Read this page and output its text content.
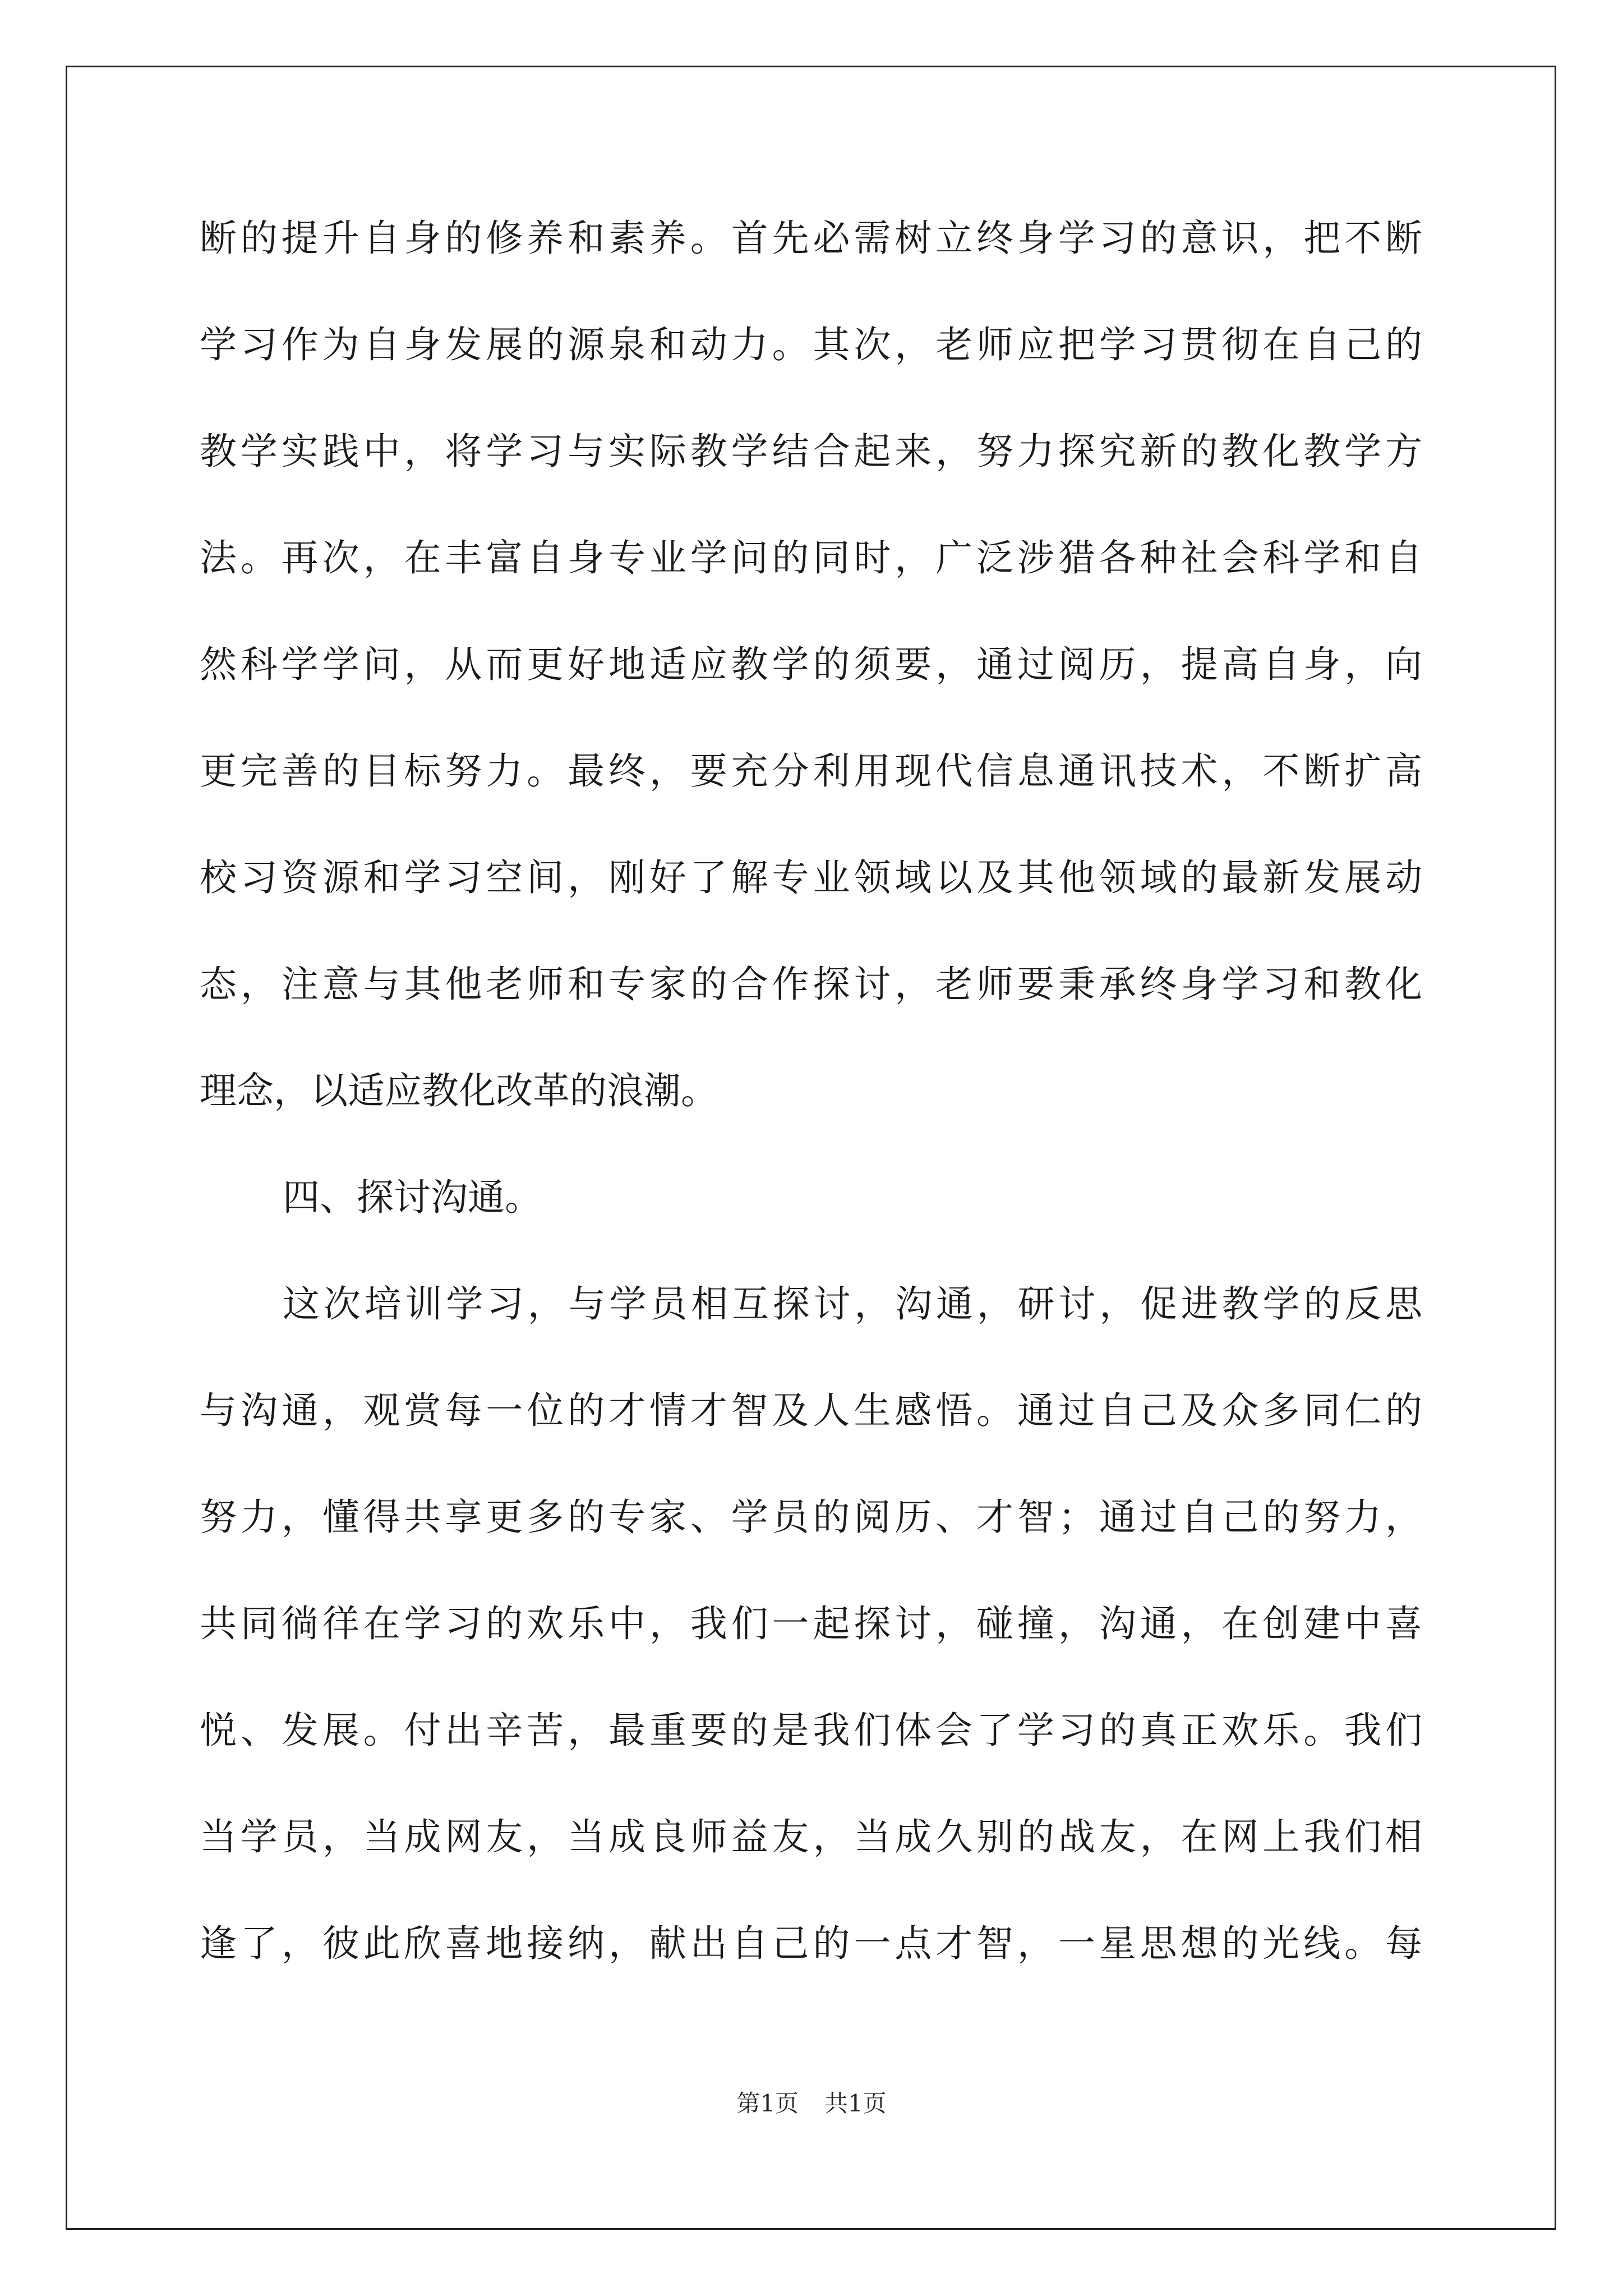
断的提升自身的修养和素养。首先必需树立终身学习的意识，把不断
学习作为自身发展的源泉和动力。其次，老师应把学习贯彻在自己的
教学实践中，将学习与实际教学结合起来，努力探究新的教化教学方
法。再次，在丰富自身专业学问的同时，广泛涉猎各种社会科学和自
然科学学问，从而更好地适应教学的须要，通过阅历，提高自身，向
更完善的目标努力。最终，要充分利用现代信息通讯技术，不断扩高
校习资源和学习空间，刚好了解专业领域以及其他领域的最新发展动
态，注意与其他老师和专家的合作探讨，老师要秉承终身学习和教化
理念，以适应教化改革的浪潮。
四、探讨沟通。
这次培训学习，与学员相互探讨，沟通，研讨，促进教学的反思
与沟通，观赏每一位的才情才智及人生感悟。通过自己及众多同仁的
努力，懂得共享更多的专家、学员的阅历、才智；通过自己的努力，
共同徜徉在学习的欢乐中，我们一起探讨，碰撞，沟通，在创建中喜
悦、发展。付出辛苦，最重要的是我们体会了学习的真正欢乐。我们
当学员，当成网友，当成良师益友，当成久别的战友，在网上我们相
逢了，彼此欣喜地接纳，献出自己的一点才智，一星思想的光线。每
第1页 共1页
